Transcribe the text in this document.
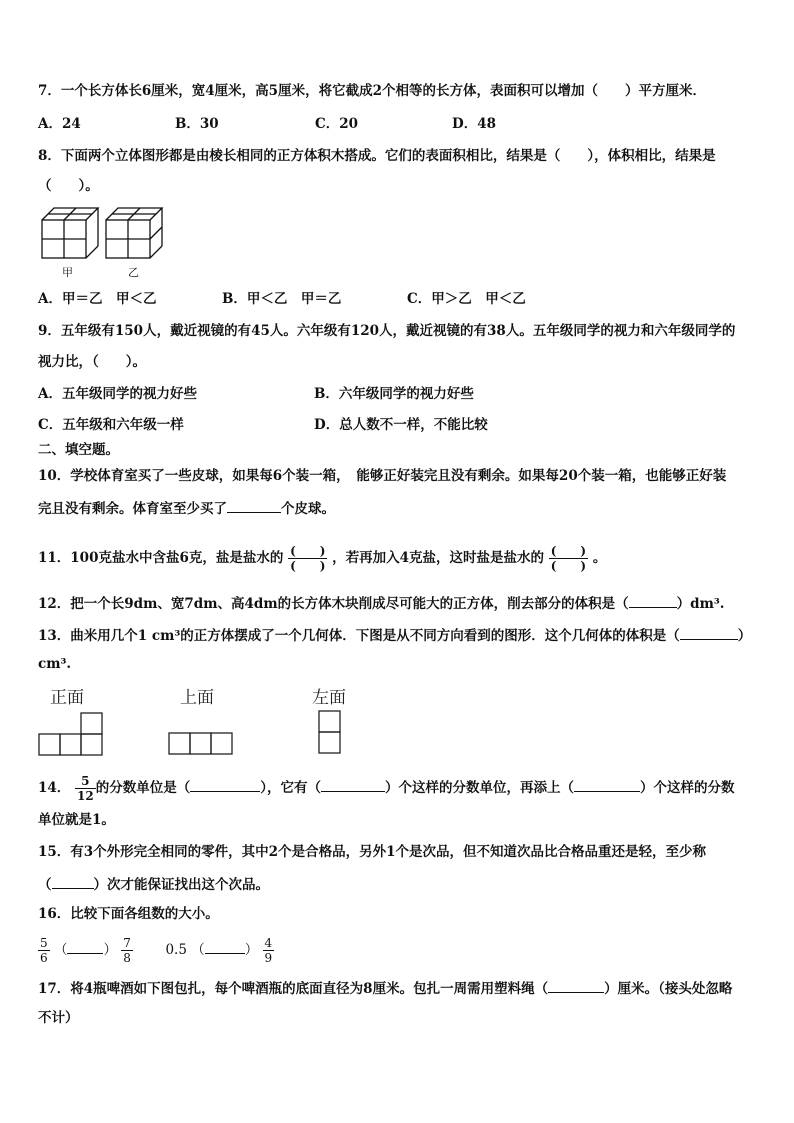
7．一个长方体长6厘米，宽4厘米，高5厘米，将它截成2个相等的长方体，表面积可以增加（　　）平方厘米．
A．24	B．30	C．20	D．48
8．下面两个立体图形都是由棱长相同的正方体积木搭成。它们的表面积相比，结果是（　　），体积相比，结果是
（　　）。
甲	乙
A．甲＝乙　甲＜乙	B．甲＜乙　甲＝乙	C．甲＞乙　甲＜乙
9．五年级有150人，戴近视镜的有45人。六年级有120人，戴近视镜的有38人。五年级同学的视力和六年级同学的
视力比，（　　）。
A．五年级同学的视力好些	B．六年级同学的视力好些
C．五年级和六年级一样	D．总人数不一样，不能比较
二、填空题。
10．学校体育室买了一些皮球，如果每6个装一箱，　能够正好装完且没有剩余。如果每20个装一箱，也能够正好装
完且没有剩余。体育室至少买了	个皮球。
11．100克盐水中含盐6克，盐是盐水的 $\frac{( )}{( )}$ ，若再加入4克盐，这时盐是盐水的 $\frac{( )}{( )}$ 。
12．把一个长9dm、宽7dm、高4dm的长方体木块削成尽可能大的正方体，削去部分的体积是（	）dm³.
13．曲米用几个1 cm³的正方体摆成了一个几何体．下图是从不同方向看到的图形．这个几何体的体积是（	）
cm³.
正面	上面	左面
14． $\frac{5}{12}$ 的分数单位是（	），它有（	）个这样的分数单位，再添上（	）个这样的分数
单位就是1。
15．有3个外形完全相同的零件，其中2个是合格品，另外1个是次品，但不知道次品比合格品重还是轻，至少称
（	）次才能保证找出这个次品。
16．比较下面各组数的大小。
$\frac{5}{6}$ （	） $\frac{7}{8} 0.5$ （	） $\frac{4}{9}$
17．将4瓶啤酒如下图包扎，每个啤酒瓶的底面直径为8厘米。包扎一周需用塑料绳（	）厘米。（接头处忽略
不计）
